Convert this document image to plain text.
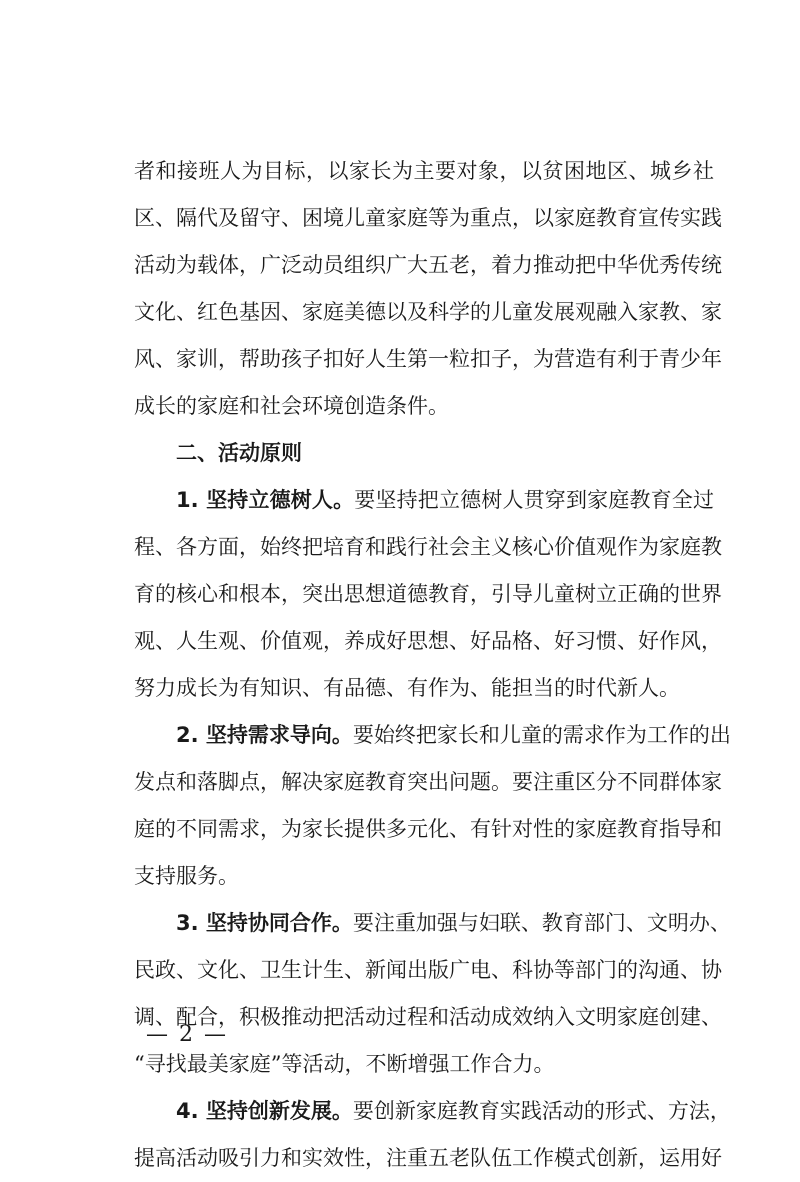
者和接班人为目标，以家长为主要对象，以贫困地区、城乡社
区、隔代及留守、困境儿童家庭等为重点，以家庭教育宣传实践
活动为载体，广泛动员组织广大五老，着力推动把中华优秀传统
文化、红色基因、家庭美德以及科学的儿童发展观融入家教、家
风、家训，帮助孩子扣好人生第一粒扣子，为营造有利于青少年
成长的家庭和社会环境创造条件。
二、活动原则
1. 坚持立德树人。要坚持把立德树人贯穿到家庭教育全过
程、各方面，始终把培育和践行社会主义核心价值观作为家庭教
育的核心和根本，突出思想道德教育，引导儿童树立正确的世界
观、人生观、价值观，养成好思想、好品格、好习惯、好作风，
努力成长为有知识、有品德、有作为、能担当的时代新人。
2. 坚持需求导向。要始终把家长和儿童的需求作为工作的出
发点和落脚点，解决家庭教育突出问题。要注重区分不同群体家
庭的不同需求，为家长提供多元化、有针对性的家庭教育指导和
支持服务。
3. 坚持协同合作。要注重加强与妇联、教育部门、文明办、
民政、文化、卫生计生、新闻出版广电、科协等部门的沟通、协
调、配合，积极推动把活动过程和活动成效纳入文明家庭创建、
“寻找最美家庭”等活动，不断增强工作合力。
4. 坚持创新发展。要创新家庭教育实践活动的形式、方法，
提高活动吸引力和实效性，注重五老队伍工作模式创新，运用好
— 2 —
